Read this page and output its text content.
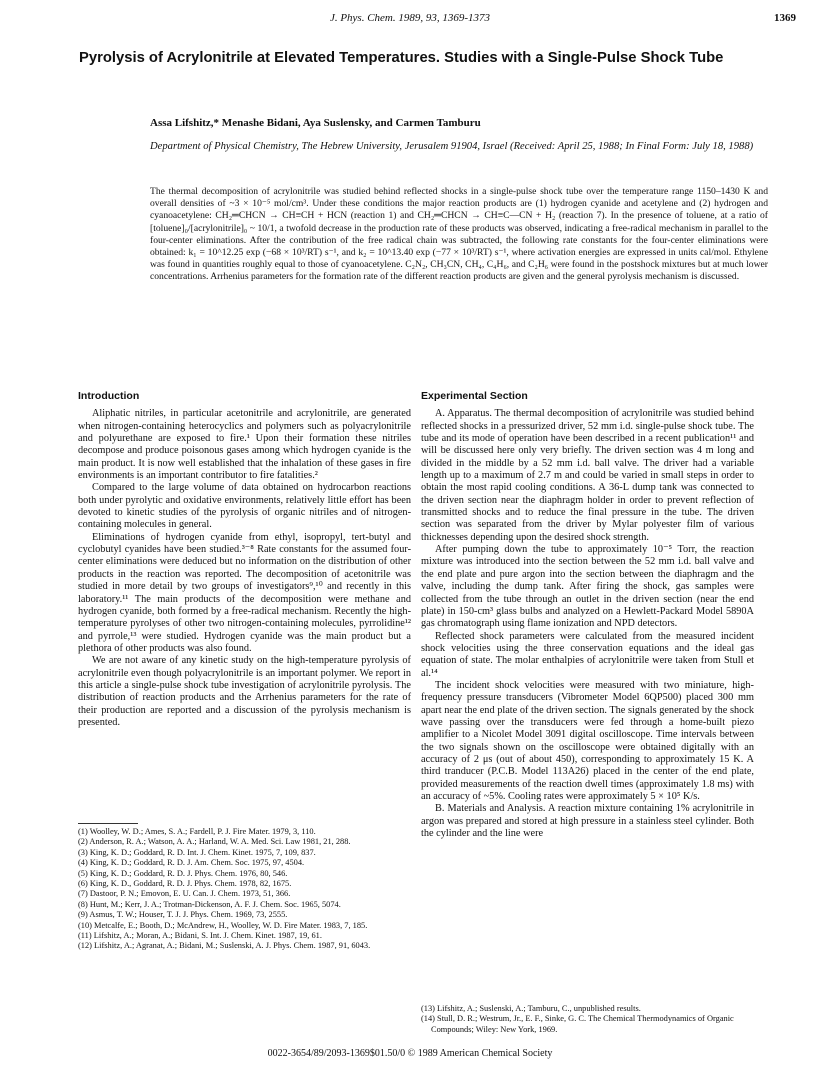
J. Phys. Chem. 1989, 93, 1369-1373	1369
Pyrolysis of Acrylonitrile at Elevated Temperatures. Studies with a Single-Pulse Shock Tube
Assa Lifshitz,* Menashe Bidani, Aya Suslensky, and Carmen Tamburu
Department of Physical Chemistry, The Hebrew University, Jerusalem 91904, Israel (Received: April 25, 1988; In Final Form: July 18, 1988)

The thermal decomposition of acrylonitrile was studied behind reflected shocks in a single-pulse shock tube over the temperature range 1150–1430 K and overall densities of ~3 × 10⁻⁵ mol/cm³. Under these conditions the major reaction products are (1) hydrogen cyanide and acetylene and (2) hydrogen and cyanoacetylene: CH₂═CHCN → CH≡CH + HCN (reaction 1) and CH₂═CHCN → CH≡C—CN + H₂ (reaction 7). In the presence of toluene, at a ratio of [toluene]₀/[acrylonitrile]₀ ~ 10/1, a twofold decrease in the production rate of these products was observed, indicating a free-radical mechanism in parallel to the four-center eliminations. After the contribution of the free radical chain was subtracted, the following rate constants for the four-center eliminations were obtained: k₁ = 10^12.25 exp (−68 × 10³/RT) s⁻¹, and k₂ = 10^13.40 exp (−77 × 10³/RT) s⁻¹, where activation energies are expressed in units cal/mol. Ethylene was found in quantities roughly equal to those of cyanoacetylene. C₂N₂, CH₃CN, CH₄, C₄H₆, and C₂H₆ were found in the postshock mixtures but at much lower concentrations. Arrhenius parameters for the formation rate of the different reaction products are given and the general pyrolysis mechanism is discussed.

Introduction

Aliphatic nitriles, in particular acetonitrile and acrylonitrile, are generated when nitrogen-containing heterocyclics and polymers such as polyacrylonitrile and polyurethane are exposed to fire.¹ Upon their formation these nitriles decompose and produce poisonous gases among which hydrogen cyanide is the main product. It is now well established that the inhalation of these gases in fire environments is an important contributor to fire fatalities.²

Compared to the large volume of data obtained on hydrocarbon reactions both under pyrolytic and oxidative environments, relatively little effort has been devoted to kinetic studies of the pyrolysis of organic nitriles and of nitrogen-containing molecules in general.

Eliminations of hydrogen cyanide from ethyl, isopropyl, tert-butyl and cyclobutyl cyanides have been studied.³⁻⁸ Rate constants for the assumed four-center eliminations were deduced but no information on the distribution of other products in the reaction was reported. The decomposition of acetonitrile was studied in more detail by two groups of investigators⁹,¹⁰ and recently in this laboratory.¹¹ The main products of the decomposition were methane and hydrogen cyanide, both formed by a free-radical mechanism. Recently the high-temperature pyrolyses of other two nitrogen-containing molecules, pyrrolidine¹² and pyrrole,¹³ were studied. Hydrogen cyanide was the main product but a plethora of other products was also found.

We are not aware of any kinetic study on the high-temperature pyrolysis of acrylonitrile even though polyacrylonitrile is an important polymer. We report in this article a single-pulse shock tube investigation of acrylonitrile pyrolysis. The distribution of reaction products and the Arrhenius parameters for the rate of their production are reported and a discussion of the pyrolysis mechanism is presented.

Experimental Section

A. Apparatus. The thermal decomposition of acrylonitrile was studied behind reflected shocks in a pressurized driver, 52 mm i.d. single-pulse shock tube. The tube and its mode of operation have been described in a recent publication¹¹ and will be discussed here only very briefly. The driven section was 4 m long and divided in the middle by a 52 mm i.d. ball valve. The driver had a variable length up to a maximum of 2.7 m and could be varied in small steps in order to obtain the most rapid cooling conditions. A 36-L dump tank was connected to the driven section near the diaphragm holder in order to prevent reflection of transmitted shocks and to reduce the final pressure in the tube. The driven section was separated from the driver by Mylar polyester film of various thicknesses depending upon the desired shock strength.

After pumping down the tube to approximately 10⁻⁵ Torr, the reaction mixture was introduced into the section between the 52 mm i.d. ball valve and the end plate and pure argon into the section between the diaphragm and the valve, including the dump tank. After firing the shock, gas samples were collected from the tube through an outlet in the driven section (near the end plate) in 150-cm³ glass bulbs and analyzed on a Hewlett-Packard Model 5890A gas chromatograph using flame ionization and NPD detectors.

Reflected shock parameters were calculated from the measured incident shock velocities using the three conservation equations and the ideal gas equation of state. The molar enthalpies of acrylonitrile were taken from Stull et al.¹⁴

The incident shock velocities were measured with two miniature, high-frequency pressure transducers (Vibrometer Model 6QP500) placed 300 mm apart near the end plate of the driven section. The signals generated by the shock wave passing over the transducers were fed through a home-built piezo amplifier to a Nicolet Model 3091 digital oscilloscope. Time intervals between the two signals shown on the oscilloscope were obtained digitally with an accuracy of 2 μs (out of about 450), corresponding to approximately 15 K. A third tranducer (P.C.B. Model 113A26) placed in the center of the end plate, provided measurements of the reaction dwell times (approximately 1.8 ms) with an accuracy of ~5%. Cooling rates were approximately 5 × 10⁵ K/s.

B. Materials and Analysis. A reaction mixture containing 1% acrylonitrile in argon was prepared and stored at high pressure in a stainless steel cylinder. Both the cylinder and the line were

(1) Woolley, W. D.; Ames, S. A.; Fardell, P. J. Fire Mater. 1979, 3, 110.
(2) Anderson, R. A.; Watson, A. A.; Harland, W. A. Med. Sci. Law 1981, 21, 288.
(3) King, K. D.; Goddard, R. D. Int. J. Chem. Kinet. 1975, 7, 109, 837.
(4) King, K. D.; Goddard, R. D. J. Am. Chem. Soc. 1975, 97, 4504.
(5) King, K. D.; Goddard, R. D. J. Phys. Chem. 1976, 80, 546.
(6) King, K. D., Goddard, R. D. J. Phys. Chem. 1978, 82, 1675.
(7) Dastoor, P. N.; Emovon, E. U. Can. J. Chem. 1973, 51, 366.
(8) Hunt, M.; Kerr, J. A.; Trotman-Dickenson, A. F. J. Chem. Soc. 1965, 5074.
(9) Asmus, T. W.; Houser, T. J. J. Phys. Chem. 1969, 73, 2555.
(10) Metcalfe, E.; Booth, D.; McAndrew, H., Woolley, W. D. Fire Mater. 1983, 7, 185.
(11) Lifshitz, A.; Moran, A.; Bidani, S. Int. J. Chem. Kinet. 1987, 19, 61.
(12) Lifshitz, A.; Agranat, A.; Bidani, M.; Suslenski, A. J. Phys. Chem. 1987, 91, 6043.
(13) Lifshitz, A.; Suslenski, A.; Tamburu, C., unpublished results.
(14) Stull, D. R.; Westrum, Jr., E. F., Sinke, G. C. The Chemical Thermodynamics of Organic Compounds; Wiley: New York, 1969.
0022-3654/89/2093-1369$01.50/0 © 1989 American Chemical Society
